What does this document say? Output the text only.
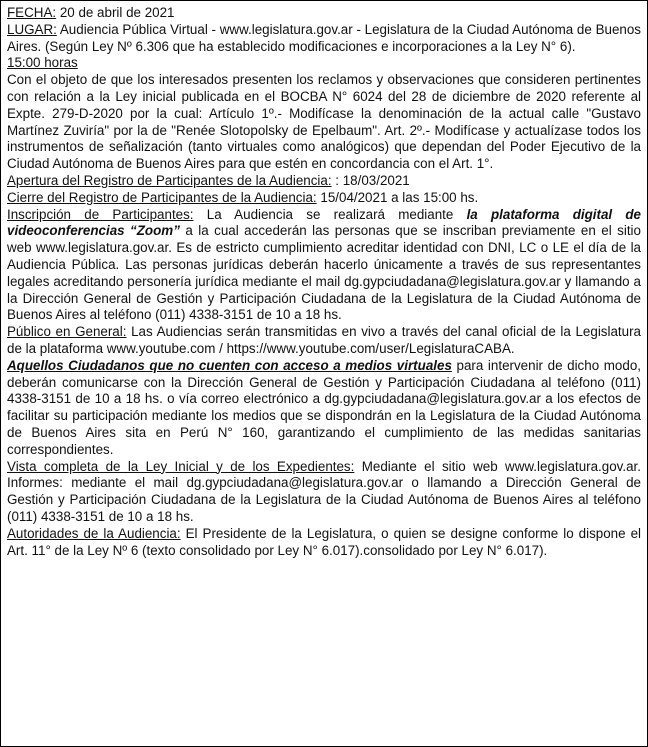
FECHA: 20 de abril de 2021

LUGAR: Audiencia Pública Virtual - www.legislatura.gov.ar - Legislatura de la Ciudad Autónoma de Buenos Aires. (Según Ley Nº 6.306 que ha establecido modificaciones e incorporaciones a la Ley N° 6).

15:00 horas

Con el objeto de que los interesados presenten los reclamos y observaciones que consideren pertinentes con relación a la Ley inicial publicada en el BOCBA N° 6024 del 28 de diciembre de 2020 referente al Expte. 279-D-2020 por la cual: Artículo 1º.- Modifícase la denominación de la actual calle "Gustavo Martínez Zuviría" por la de "Renée Slotopolsky de Epelbaum". Art. 2º.- Modifícase y actualízase todos los instrumentos de señalización (tanto virtuales como analógicos) que dependan del Poder Ejecutivo de la Ciudad Autónoma de Buenos Aires para que estén en concordancia con el Art. 1°.

Apertura del Registro de Participantes de la Audiencia: : 18/03/2021

Cierre del Registro de Participantes de la Audiencia: 15/04/2021 a las 15:00 hs.

Inscripción de Participantes: La Audiencia se realizará mediante la plataforma digital de videoconferencias “Zoom” a la cual accederán las personas que se inscriban previamente en el sitio web www.legislatura.gov.ar. Es de estricto cumplimiento acreditar identidad con DNI, LC o LE el día de la Audiencia Pública. Las personas jurídicas deberán hacerlo únicamente a través de sus representantes legales acreditando personería jurídica mediante el mail dg.gypciudadana@legislatura.gov.ar y llamando a la Dirección General de Gestión y Participación Ciudadana de la Legislatura de la Ciudad Autónoma de Buenos Aires al teléfono (011) 4338-3151 de 10 a 18 hs.

Público en General: Las Audiencias serán transmitidas en vivo a través del canal oficial de la Legislatura de la plataforma www.youtube.com / https://www.youtube.com/user/LegislaturaCABA.

Aquellos Ciudadanos que no cuenten con acceso a medios virtuales para intervenir de dicho modo, deberán comunicarse con la Dirección General de Gestión y Participación Ciudadana al teléfono (011) 4338-3151 de 10 a 18 hs. o vía correo electrónico a dg.gypciudadana@legislatura.gov.ar a los efectos de facilitar su participación mediante los medios que se dispondrán en la Legislatura de la Ciudad Autónoma de Buenos Aires sita en Perú N° 160, garantizando el cumplimiento de las medidas sanitarias correspondientes.

Vista completa de la Ley Inicial y de los Expedientes: Mediante el sitio web www.legislatura.gov.ar. Informes: mediante el mail dg.gypciudadana@legislatura.gov.ar o llamando a Dirección General de Gestión y Participación Ciudadana de la Legislatura de la Ciudad Autónoma de Buenos Aires al teléfono (011) 4338-3151 de 10 a 18 hs.

Autoridades de la Audiencia: El Presidente de la Legislatura, o quien se designe conforme lo dispone el Art. 11° de la Ley Nº 6 (texto consolidado por Ley N° 6.017).consolidado por Ley N° 6.017).
